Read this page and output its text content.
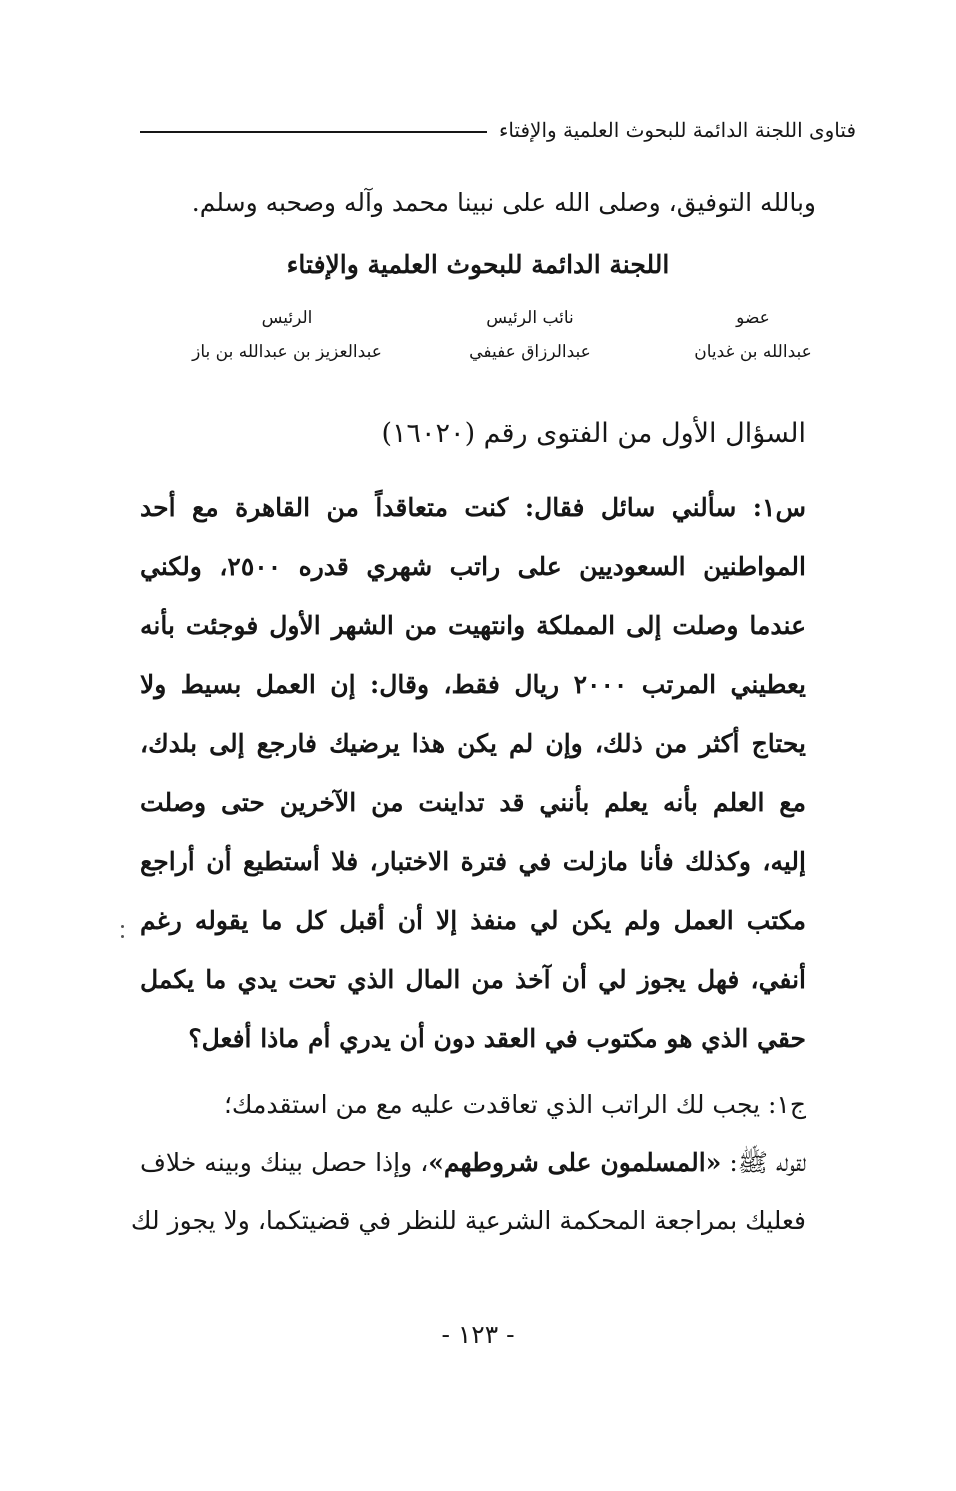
فتاوى اللجنة الدائمة للبحوث العلمية والإفتاء
وبالله التوفيق، وصلى الله على نبينا محمد وآله وصحبه وسلم.
اللجنة الدائمة للبحوث العلمية والإفتاء
عضو
عبدالله بن غديان
نائب الرئيس
عبدالرزاق عفيفي
الرئيس
عبدالعزيز بن عبدالله بن باز
السؤال الأول من الفتوى رقم (١٦٠٢٠)
س١: سألني سائل فقال: كنت متعاقداً من القاهرة مع أحد
المواطنين السعوديين على راتب شهري قدره ٢٥٠٠، ولكني
عندما وصلت إلى المملكة وانتهيت من الشهر الأول فوجئت بأنه
يعطيني المرتب ٢٠٠٠ ريال فقط، وقال: إن العمل بسيط ولا
يحتاج أكثر من ذلك، وإن لم يكن هذا يرضيك فارجع إلى بلدك،
مع العلم بأنه يعلم بأنني قد تداينت من الآخرين حتى وصلت
إليه، وكذلك فأنا مازلت في فترة الاختبار، فلا أستطيع أن أراجع
مكتب العمل ولم يكن لي منفذ إلا أن أقبل كل ما يقوله رغم
أنفي، فهل يجوز لي أن آخذ من المال الذي تحت يدي ما يكمل
حقي الذي هو مكتوب في العقد دون أن يدري أم ماذا أفعل؟
ج١: يجب لك الراتب الذي تعاقدت عليه مع من استقدمك؛
لقوله ﷺ: «المسلمون على شروطهم»، وإذا حصل بينك وبينه خلاف
فعليك بمراجعة المحكمة الشرعية للنظر في قضيتكما، ولا يجوز لك
- ١٢٣ -
